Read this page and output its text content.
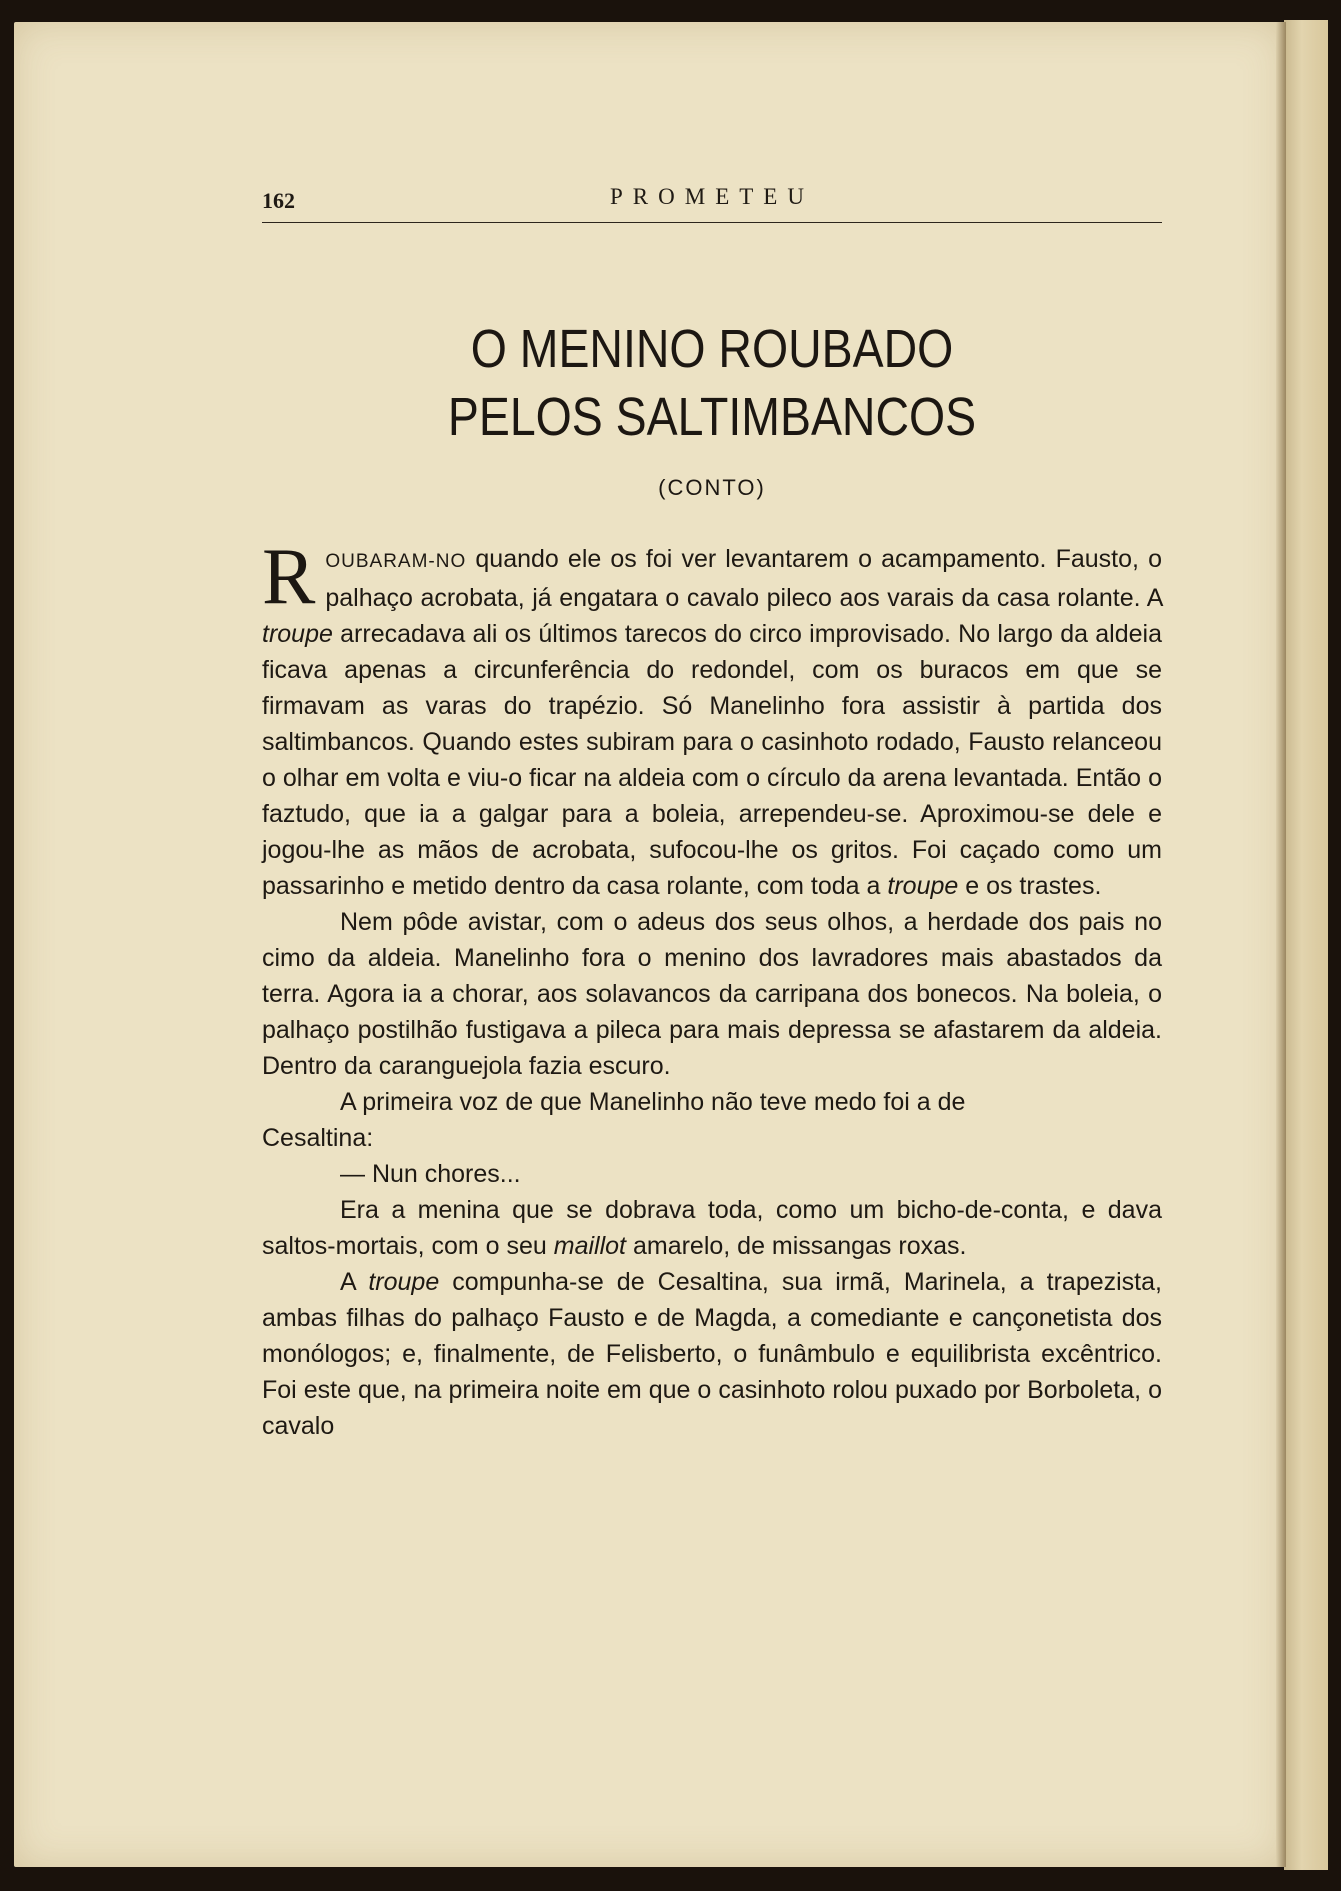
162	PROMETEU
O MENINO ROUBADO
PELOS SALTIMBANCOS
(CONTO)

ROUBARAM-NO quando ele os foi ver levantarem o acampamento. Fausto, o palhaço acrobata, já engatara o cavalo pileco aos varais da casa rolante. A troupe arrecadava ali os últimos tarecos do circo improvisado. No largo da aldeia ficava apenas a circunferência do redondel, com os buracos em que se firmavam as varas do trapézio. Só Manelinho fora assistir à partida dos saltimbancos. Quando estes subiram para o casinhoto rodado, Fausto relanceou o olhar em volta e viu-o ficar na aldeia com o círculo da arena levantada. Então o faztudo, que ia a galgar para a boleia, arrependeu-se. Aproximou-se dele e jogou-lhe as mãos de acrobata, sufocou-lhe os gritos. Foi caçado como um passarinho e metido dentro da casa rolante, com toda a troupe e os trastes.

Nem pôde avistar, com o adeus dos seus olhos, a herdade dos pais no cimo da aldeia. Manelinho fora o menino dos lavradores mais abastados da terra. Agora ia a chorar, aos solavancos da carripana dos bonecos. Na boleia, o palhaço postilhão fustigava a pileca para mais depressa se afastarem da aldeia. Dentro da caranguejola fazia escuro.

A primeira voz de que Manelinho não teve medo foi a de

Cesaltina:

— Nun chores...

Era a menina que se dobrava toda, como um bicho-de-conta, e dava saltos-mortais, com o seu maillot amarelo, de missangas roxas.

A troupe compunha-se de Cesaltina, sua irmã, Marinela, a trapezista, ambas filhas do palhaço Fausto e de Magda, a comediante e cançonetista dos monólogos; e, finalmente, de Felisberto, o funâmbulo e equilibrista excêntrico. Foi este que, na primeira noite em que o casinhoto rolou puxado por Borboleta, o cavalo
